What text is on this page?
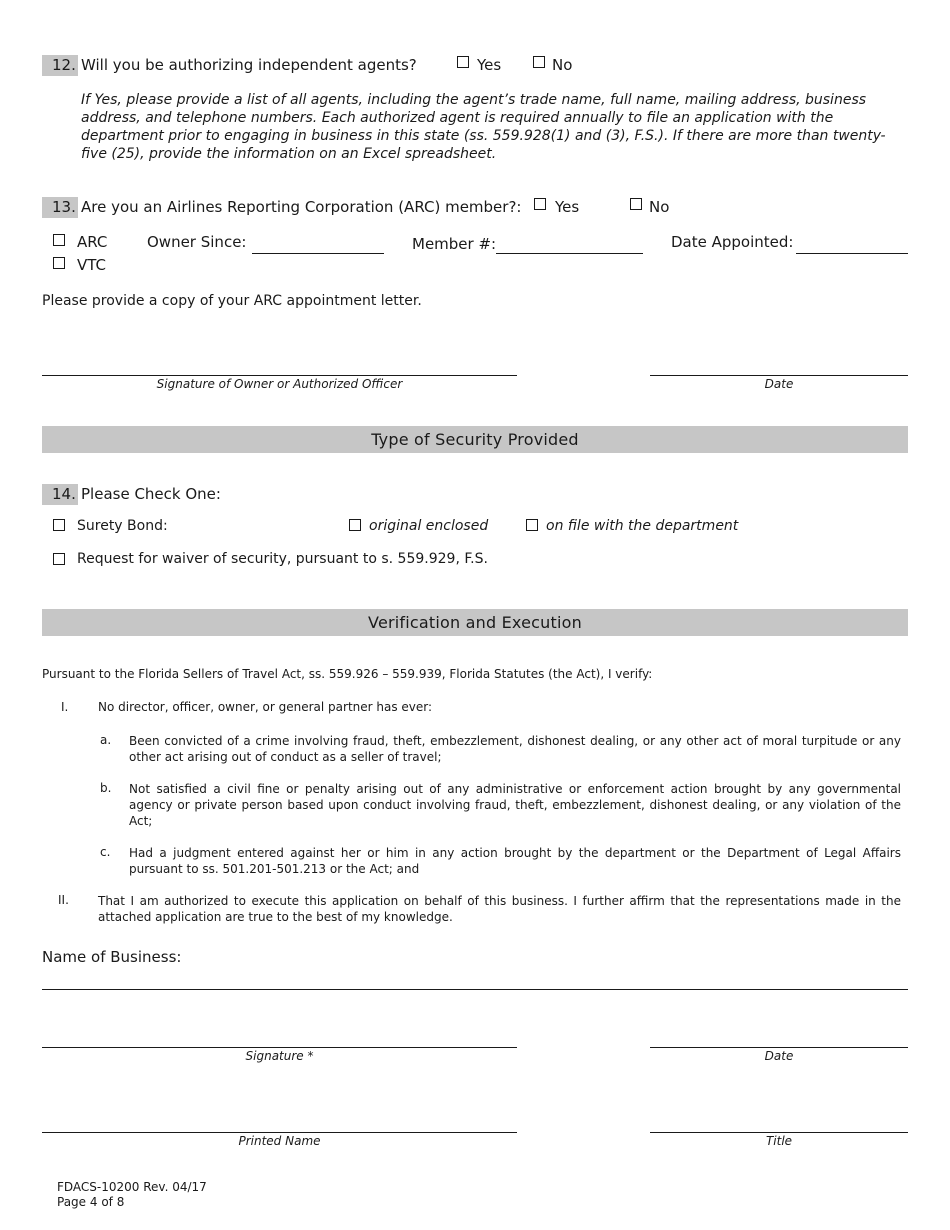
12. Will you be authorizing independent agents?	Yes	No
If Yes, please provide a list of all agents, including the agent’s trade name, full name, mailing address, business address, and telephone numbers. Each authorized agent is required annually to file an application with the department prior to engaging in business in this state (ss. 559.928(1) and (3), F.S.). If there are more than twenty-five (25), provide the information on an Excel spreadsheet.
13. Are you an Airlines Reporting Corporation (ARC) member?: Yes	No
ARC
VTC
Owner Since:	Member #:	Date Appointed:
Please provide a copy of your ARC appointment letter.
Signature of Owner or Authorized Officer	Date
Type of Security Provided
14. Please Check One:
Surety Bond:	original enclosed	on file with the department
Request for waiver of security, pursuant to s. 559.929, F.S.
Verification and Execution
Pursuant to the Florida Sellers of Travel Act, ss. 559.926 – 559.939, Florida Statutes (the Act), I verify:
I. No director, officer, owner, or general partner has ever:
a. Been convicted of a crime involving fraud, theft, embezzlement, dishonest dealing, or any other act of moral turpitude or any other act arising out of conduct as a seller of travel;
b. Not satisfied a civil fine or penalty arising out of any administrative or enforcement action brought by any governmental agency or private person based upon conduct involving fraud, theft, embezzlement, dishonest dealing, or any violation of the Act;
c. Had a judgment entered against her or him in any action brought by the department or the Department of Legal Affairs pursuant to ss. 501.201-501.213 or the Act; and
II. That I am authorized to execute this application on behalf of this business. I further affirm that the representations made in the attached application are true to the best of my knowledge.
Name of Business:
Signature *	Date
Printed Name	Title
FDACS-10200 Rev. 04/17
Page 4 of 8
